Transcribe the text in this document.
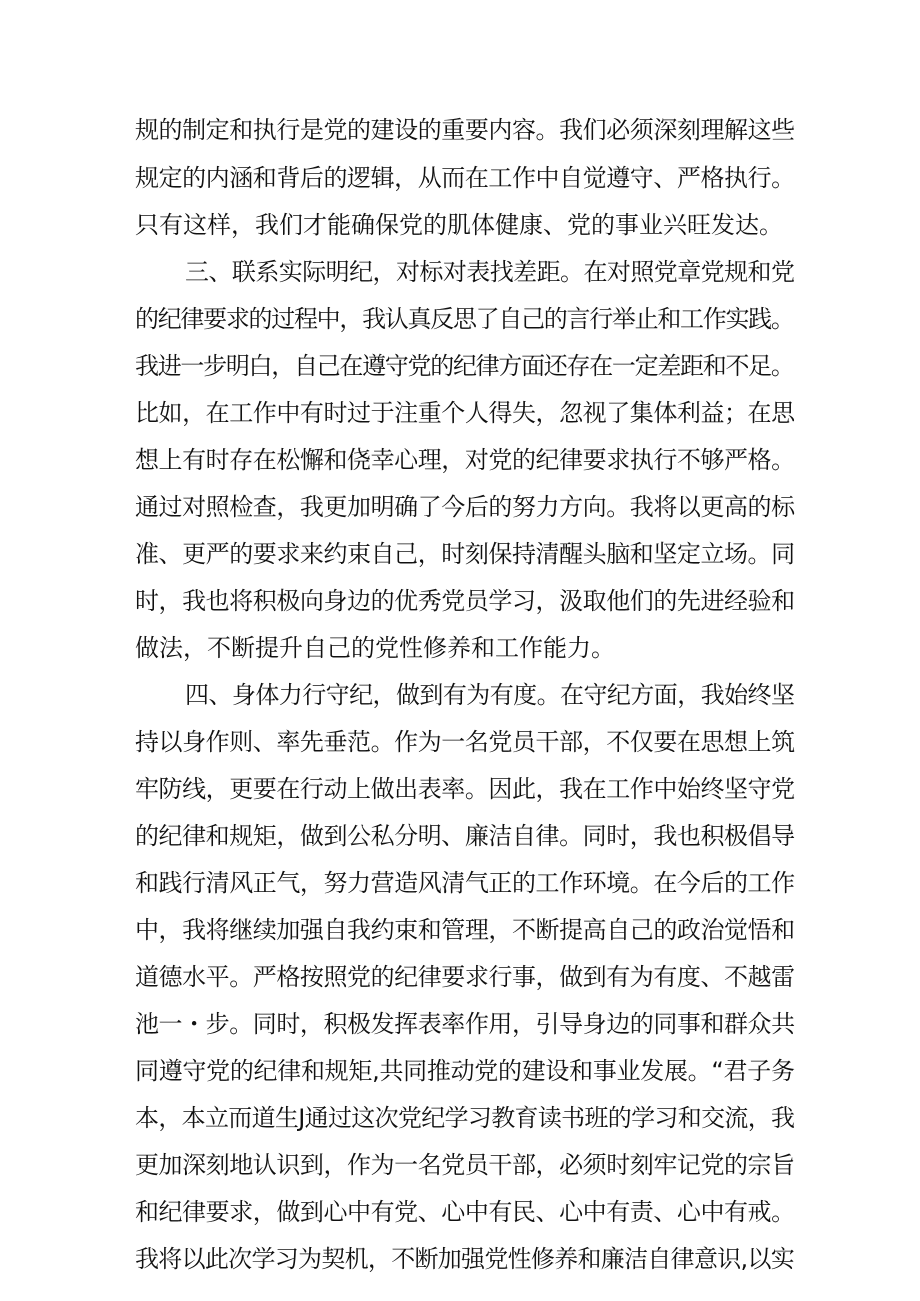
规的制定和执行是党的建设的重要内容。我们必须深刻理解这些
规定的内涵和背后的逻辑，从而在工作中自觉遵守、严格执行。
只有这样，我们才能确保党的肌体健康、党的事业兴旺发达。
三、联系实际明纪，对标对表找差距。在对照党章党规和党
的纪律要求的过程中，我认真反思了自己的言行举止和工作实践。
我进一步明白，自己在遵守党的纪律方面还存在一定差距和不足。
比如，在工作中有时过于注重个人得失，忽视了集体利益；在思
想上有时存在松懈和侥幸心理，对党的纪律要求执行不够严格。
通过对照检查，我更加明确了今后的努力方向。我将以更高的标
准、更严的要求来约束自己，时刻保持清醒头脑和坚定立场。同
时，我也将积极向身边的优秀党员学习，汲取他们的先进经验和
做法，不断提升自己的党性修养和工作能力。
四、身体力行守纪，做到有为有度。在守纪方面，我始终坚
持以身作则、率先垂范。作为一名党员干部，不仅要在思想上筑
牢防线，更要在行动上做出表率。因此，我在工作中始终坚守党
的纪律和规矩，做到公私分明、廉洁自律。同时，我也积极倡导
和践行清风正气，努力营造风清气正的工作环境。在今后的工作
中，我将继续加强自我约束和管理，不断提高自己的政治觉悟和
道德水平。严格按照党的纪律要求行事，做到有为有度、不越雷
池一・步。同时，积极发挥表率作用，引导身边的同事和群众共
同遵守党的纪律和规矩,共同推动党的建设和事业发展。“君子务
本，本立而道生J通过这次党纪学习教育读书班的学习和交流，我
更加深刻地认识到，作为一名党员干部，必须时刻牢记党的宗旨
和纪律要求，做到心中有党、心中有民、心中有责、心中有戒。
我将以此次学习为契机，不断加强党性修养和廉洁自律意识,以实
